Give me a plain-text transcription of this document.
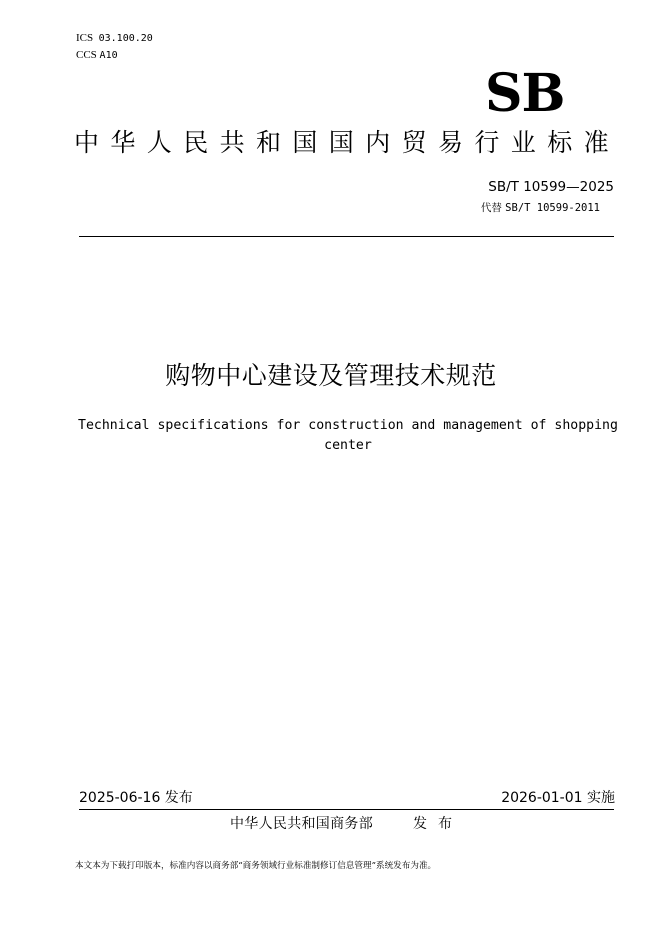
ICS 03.100.20
CCS A10
SB
中华人民共和国国内贸易行业标准
SB/T 10599—2025
代替 SB/T 10599-2011
购物中心建设及管理技术规范
Technical specifications for construction and management of shopping
center
2025-06-16 发布	2026-01-01 实施
中华人民共和国商务部	发布
本文本为下载打印版本，标准内容以商务部“商务领域行业标准制修订信息管理”系统发布为准。
